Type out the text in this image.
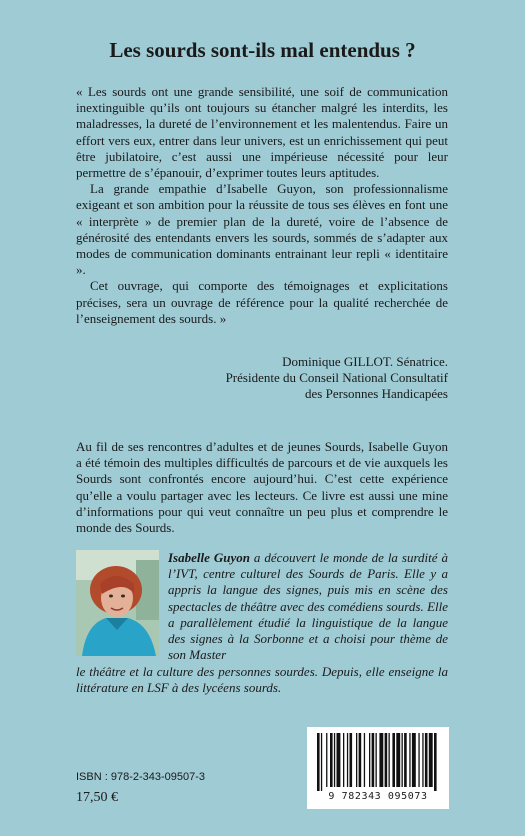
Les sourds sont-ils mal entendus ?

« Les sourds ont une grande sensibilité, une soif de communication inextinguible qu’ils ont toujours su étancher malgré les interdits, les maladresses, la dureté de l’environnement et les malentendus. Faire un effort vers eux, entrer dans leur univers, est un enrichissement qui peut être jubilatoire, c’est aussi une impérieuse nécessité pour leur permettre de s’épanouir, d’exprimer toutes leurs aptitudes.

La grande empathie d’Isabelle Guyon, son professionnalisme exigeant et son ambition pour la réussite de tous ses élèves en font une « interprète » de premier plan de la dureté, voire de l’absence de générosité des entendants envers les sourds, sommés de s’adapter aux modes de communication dominants entrainant leur repli « identitaire ».

Cet ouvrage, qui comporte des témoignages et explicitations précises, sera un ouvrage de référence pour la qualité recherchée de l’enseignement des sourds. »

Dominique GILLOT. Sénatrice.
Présidente du Conseil National Consultatif
des Personnes Handicapées

Au fil de ses rencontres d’adultes et de jeunes Sourds, Isabelle Guyon a été témoin des multiples difficultés de parcours et de vie auxquels les Sourds sont confrontés encore aujourd’hui. C’est cette expérience qu’elle a voulu partager avec les lecteurs. Ce livre est aussi une mine d’informations pour qui veut connaître un peu plus et comprendre le monde des Sourds.

Isabelle Guyon a découvert le monde de la surdité à l’IVT, centre culturel des Sourds de Paris. Elle y a appris la langue des signes, puis mis en scène des spectacles de théâtre avec des comédiens sourds. Elle a parallèlement étudié la linguistique de la langue des signes à la Sorbonne et a choisi pour thème de son Master

le théâtre et la culture des personnes sourdes. Depuis, elle enseigne la littérature en LSF à des lycéens sourds.

ISBN : 978-2-343-09507-3
17,50 €	9 782343 095073
